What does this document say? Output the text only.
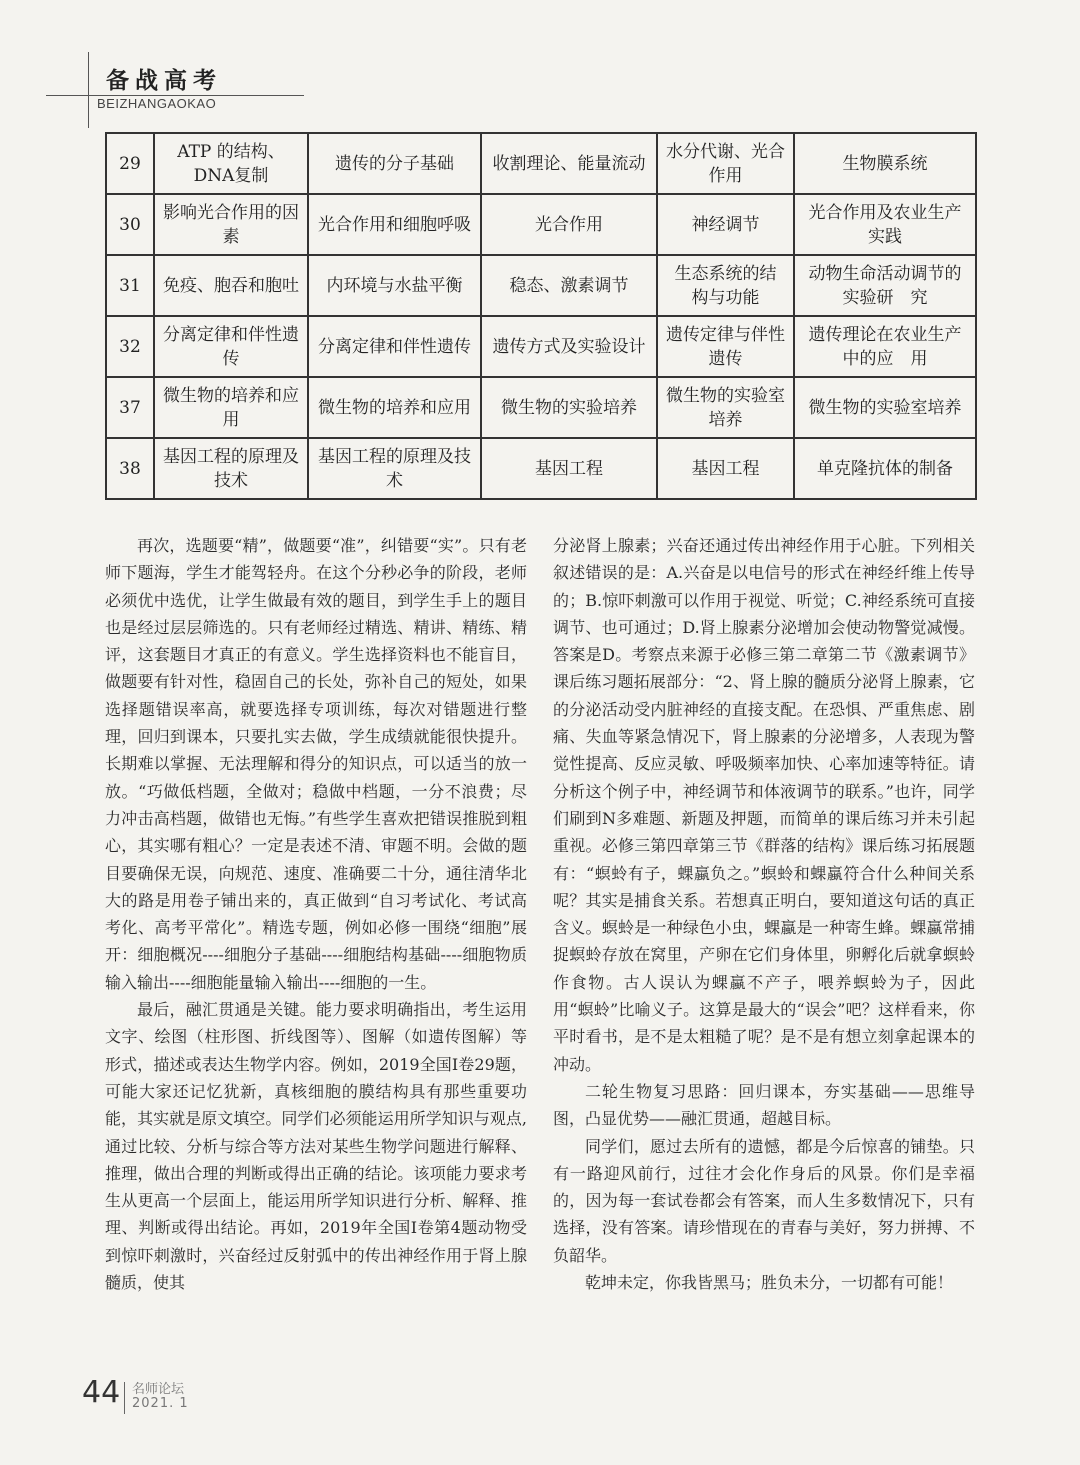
备战高考
BEIZHANGAOKAO
29	ATP 的结构、DNA复制	遗传的分子基础	收割理论、能量流动	水分代谢、光合作用	生物膜系统
30	影响光合作用的因素	光合作用和细胞呼吸	光合作用	神经调节	光合作用及农业生产实践
31	免疫、胞吞和胞吐	内环境与水盐平衡	稳态、激素调节	生态系统的结　构与功能	动物生命活动调节的实验研　究
32	分离定律和伴性遗传	分离定律和伴性遗传	遗传方式及实验设计	遗传定律与伴性遗传	遗传理论在农业生产中的应　用
37	微生物的培养和应用	微生物的培养和应用	微生物的实验培养	微生物的实验室培养	微生物的实验室培养
38	基因工程的原理及技术	基因工程的原理及技术	基因工程	基因工程	单克隆抗体的制备

再次，选题要“精”，做题要“准”，纠错要“实”。只有老师下题海，学生才能驾轻舟。在这个分秒必争的阶段，老师必须优中选优，让学生做最有效的题目，到学生手上的题目也是经过层层筛选的。只有老师经过精选、精讲、精练、精评，这套题目才真正的有意义。学生选择资料也不能盲目，做题要有针对性，稳固自己的长处，弥补自己的短处，如果选择题错误率高，就要选择专项训练，每次对错题进行整理，回归到课本，只要扎实去做，学生成绩就能很快提升。长期难以掌握、无法理解和得分的知识点，可以适当的放一放。“巧做低档题，全做对；稳做中档题，一分不浪费；尽力冲击高档题，做错也无悔。”有些学生喜欢把错误推脱到粗心，其实哪有粗心？一定是表述不清、审题不明。会做的题目要确保无误，向规范、速度、准确要二十分，通往清华北大的路是用卷子铺出来的，真正做到“自习考试化、考试高考化、高考平常化”。精选专题，例如必修一围绕“细胞”展开：细胞概况----细胞分子基础----细胞结构基础----细胞物质输入输出----细胞能量输入输出----细胞的一生。

最后，融汇贯通是关键。能力要求明确指出，考生运用文字、绘图（柱形图、折线图等）、图解（如遗传图解）等形式，描述或表达生物学内容。例如，2019全国Ⅰ卷29题，可能大家还记忆犹新，真核细胞的膜结构具有那些重要功能，其实就是原文填空。同学们必须能运用所学知识与观点,通过比较、分析与综合等方法对某些生物学问题进行解释、推理，做出合理的判断或得出正确的结论。该项能力要求考生从更高一个层面上，能运用所学知识进行分析、解释、推理、判断或得出结论。再如，2019年全国Ⅰ卷第4题动物受到惊吓刺激时，兴奋经过反射弧中的传出神经作用于肾上腺髓质，使其

分泌肾上腺素；兴奋还通过传出神经作用于心脏。下列相关叙述错误的是：A.兴奋是以电信号的形式在神经纤维上传导的；B.惊吓刺激可以作用于视觉、听觉；C.神经系统可直接调节、也可通过；D.肾上腺素分泌增加会使动物警觉减慢。答案是D。考察点来源于必修三第二章第二节《激素调节》课后练习题拓展部分：“2、肾上腺的髓质分泌肾上腺素，它的分泌活动受内脏神经的直接支配。在恐惧、严重焦虑、剧痛、失血等紧急情况下，肾上腺素的分泌增多，人表现为警觉性提高、反应灵敏、呼吸频率加快、心率加速等特征。请分析这个例子中，神经调节和体液调节的联系。”也许，同学们刷到N多难题、新题及押题，而简单的课后练习并未引起重视。必修三第四章第三节《群落的结构》课后练习拓展题有：“螟蛉有子，蜾蠃负之。”螟蛉和蜾蠃符合什么种间关系呢？其实是捕食关系。若想真正明白，要知道这句话的真正含义。螟蛉是一种绿色小虫，蜾蠃是一种寄生蜂。蜾蠃常捕捉螟蛉存放在窝里，产卵在它们身体里，卵孵化后就拿螟蛉作食物。古人误认为蜾蠃不产子，喂养螟蛉为子，因此用“螟蛉”比喻义子。这算是最大的“误会”吧？这样看来，你平时看书，是不是太粗糙了呢？是不是有想立刻拿起课本的冲动。

二轮生物复习思路：回归课本，夯实基础——思维导图，凸显优势——融汇贯通，超越目标。

同学们，愿过去所有的遗憾，都是今后惊喜的铺垫。只有一路迎风前行，过往才会化作身后的风景。你们是幸福的，因为每一套试卷都会有答案，而人生多数情况下，只有选择，没有答案。请珍惜现在的青春与美好，努力拼搏、不负韶华。

乾坤未定，你我皆黑马；胜负未分，一切都有可能！

44 名师论坛
2021. 1
